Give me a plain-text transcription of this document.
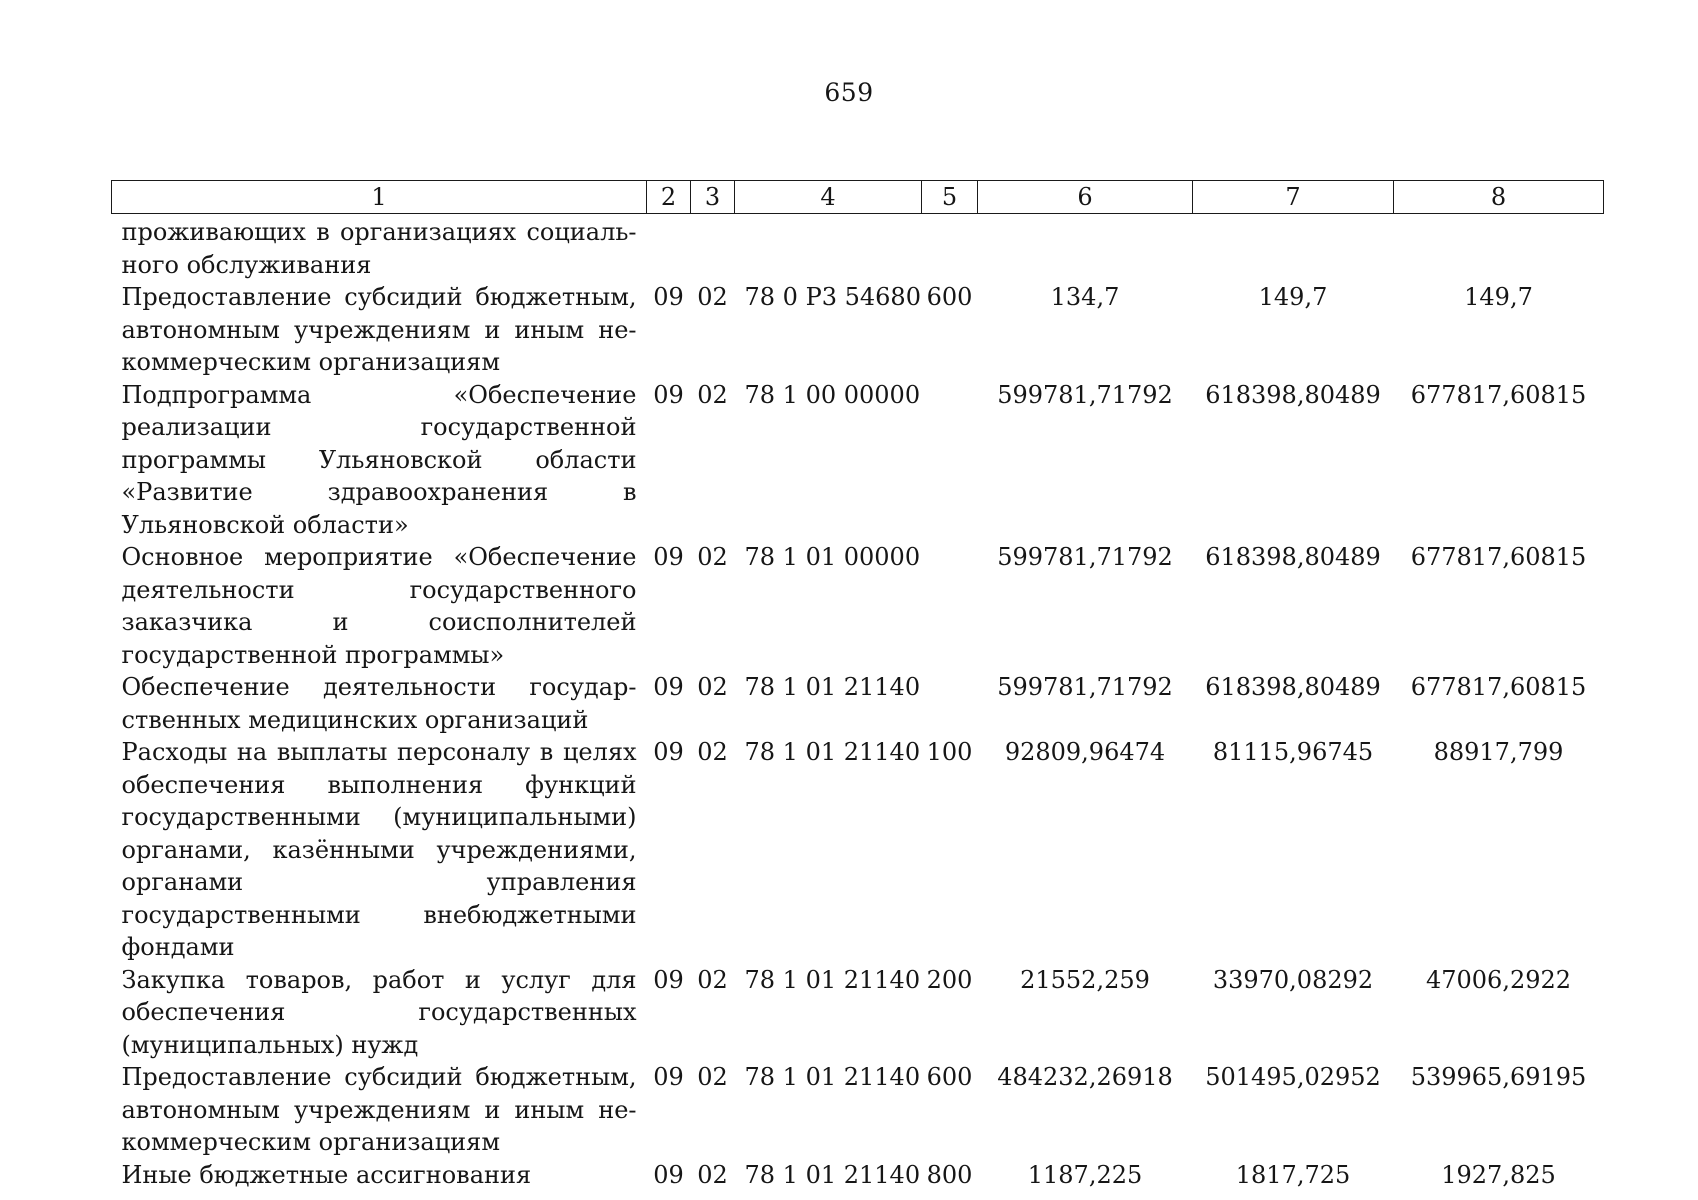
659
1	2	3	4	5	6	7	8

проживающих в организациях социального обслуживания							
Предоставление субсидий бюджетным, автономным учреждениям и иным некоммерческим организациям	09	02	78 0 Р3 54680	600	134,7	149,7	149,7
Подпрограмма «Обеспечение реализации государственной программы Ульяновской области «Развитие здравоохранения в Ульяновской области»	09	02	78 1 00 00000		599781,71792	618398,80489	677817,60815
Основное мероприятие «Обеспечение деятельности государственного заказчика и соисполнителей государственной программы»	09	02	78 1 01 00000		599781,71792	618398,80489	677817,60815
Обеспечение деятельности государственных медицинских организаций	09	02	78 1 01 21140		599781,71792	618398,80489	677817,60815
Расходы на выплаты персоналу в целях обеспечения выполнения функций государственными (муниципальными) органами, казёнными учреждениями, органами управления государственными внебюджетными фондами	09	02	78 1 01 21140	100	92809,96474	81115,96745	88917,799
Закупка товаров, работ и услуг для обеспечения государственных (муниципальных) нужд	09	02	78 1 01 21140	200	21552,259	33970,08292	47006,2922
Предоставление субсидий бюджетным, автономным учреждениям и иным некоммерческим организациям	09	02	78 1 01 21140	600	484232,26918	501495,02952	539965,69195
Иные бюджетные ассигнования	09	02	78 1 01 21140	800	1187,225	1817,725	1927,825
